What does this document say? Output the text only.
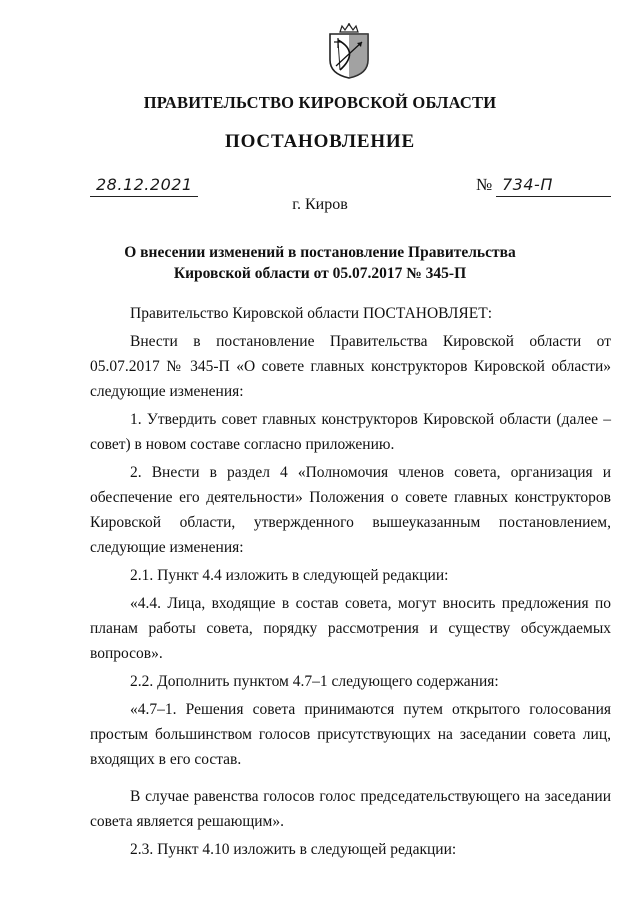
ПРАВИТЕЛЬСТВО КИРОВСКОЙ ОБЛАСТИ
ПОСТАНОВЛЕНИЕ
28.12.2021	№ 734-П
г. Киров
О внесении изменений в постановление Правительства
Кировской области от 05.07.2017 № 345-П

Правительство Кировской области ПОСТАНОВЛЯЕТ:

Внести в постановление Правительства Кировской области от 05.07.2017 № 345-П «О совете главных конструкторов Кировской области» следующие изменения:

1. Утвердить совет главных конструкторов Кировской области (далее – совет) в новом составе согласно приложению.

2. Внести в раздел 4 «Полномочия членов совета, организация и обеспечение его деятельности» Положения о совете главных конструкторов Кировской области, утвержденного вышеуказанным постановлением, следующие изменения:

2.1. Пункт 4.4 изложить в следующей редакции:

«4.4. Лица, входящие в состав совета, могут вносить предложения по планам работы совета, порядку рассмотрения и существу обсуждаемых вопросов».

2.2. Дополнить пунктом 4.7–1 следующего содержания:

«4.7–1. Решения совета принимаются путем открытого голосования простым большинством голосов присутствующих на заседании совета лиц, входящих в его состав.

В случае равенства голосов голос председательствующего на заседании совета является решающим».

2.3. Пункт 4.10 изложить в следующей редакции:
